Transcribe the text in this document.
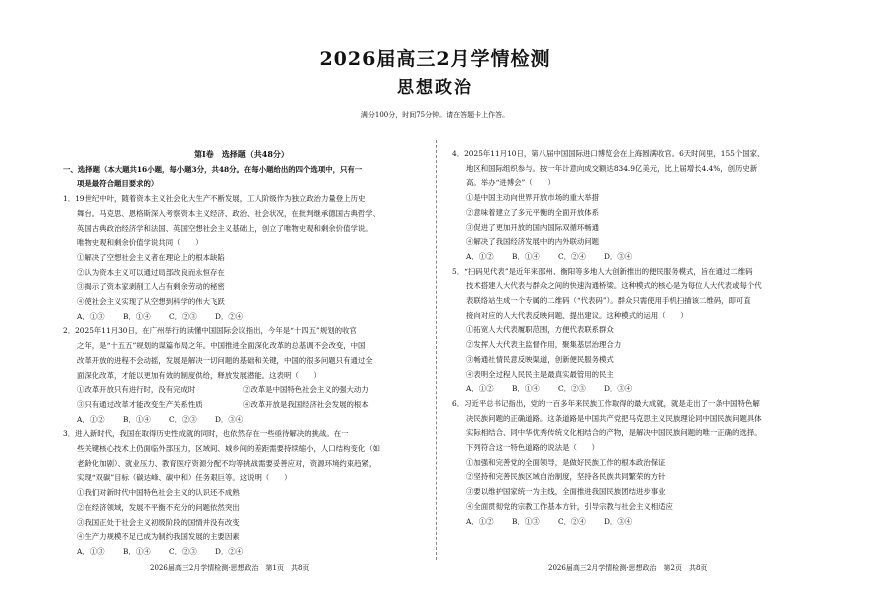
2026届高三2月学情检测
思想政治
满分100分，时间75分钟。请在答题卡上作答。
第Ⅰ卷　选择题（共48分）

一、选择题（本大题共16小题，每小题3分，共48分。在每小题给出的四个选项中，只有一

项是最符合题目要求的）

1．19世纪中叶，随着资本主义社会化大生产不断发展，工人阶级作为独立政治力量登上历史

舞台。马克思、恩格斯深入考察资本主义经济、政治、社会状况，在批判继承德国古典哲学、

英国古典政治经济学和法国、英国空想社会主义基础上，创立了唯物史观和剩余价值学说。

唯物史观和剩余价值学说共同（　　）

①解决了空想社会主义者在理论上的根本缺陷

②认为资本主义可以通过局部改良而永恒存在

③揭示了资本家剥削工人占有剩余劳动的秘密

④使社会主义实现了从空想到科学的伟大飞跃

A．①③	B．①④	C．②③	D．②④

2．2025年11月30日，在广州举行的读懂中国国际会议指出，今年是“十四五”规划的收官

之年，是“十五五”规划的谋篇布局之年。中国推进全面深化改革的总基调不会改变，中国

改革开放的进程不会动摇，发展是解决一切问题的基础和关键，中国的很多问题只有通过全

面深化改革，才能以更加有效的制度供给，释放发展潜能。这表明（　　）

①改革开放只有进行时，没有完成时	②改革是中国特色社会主义的强大动力
③只有通过改革才能改变生产关系性质	④改革开放是我国经济社会发展的根本
A．①②	B．①④	C．②③	D．③④

3．进入新时代，我国在取得历史性成就的同时，也依然存在一些亟待解决的挑战。在一

些关键核心技术上仍面临外部压力，区域间、城乡间的差距需要持续缩小，人口结构变化（如

老龄化加剧）、就业压力、教育医疗资源分配不均等挑战需要妥善应对，资源环境约束趋紧，

实现“双碳”目标（碳达峰、碳中和）任务艰巨等。这说明（　　）

①我们对新时代中国特色社会主义的认识还不成熟

②在经济领域，发展不平衡不充分的问题依然突出

③我国正处于社会主义初级阶段的国情并没有改变

④生产力规模不足已成为制约我国发展的主要因素

A．①③	B．①④	C．②③	D．②④

4．2025年11月10日，第八届中国国际进口博览会在上海圆满收官。6天时间里，155个国家、

地区和国际组织参与。按一年计意向成交额达834.9亿美元，比上届增长4.4%，创历史新

高。举办“进博会”（　　）

①是中国主动向世界开放市场的重大举措

②意味着建立了多元平衡的全面开放体系

③促进了更加开放的国内国际双循环畅通

④解决了我国经济发展中的内外联动问题

A．①②	B．①④	C．②④	D．③④

5．“扫码见代表”是近年来邵州、衡阳等多地人大创新推出的便民服务模式，旨在通过二维码

技术搭建人大代表与群众之间的快速沟通桥梁。这种模式的核心是为每位人大代表或每个代

表联络站生成一个专属的二维码（“代表码”）。群众只需使用手机扫描该二维码，即可直

接向对应的人大代表反映问题、提出建议。这种模式的运用（　　）

①拓宽人大代表履职范围，方便代表联系群众

②发挥人大代表主监督作用，聚集基层治理合力

③畅通社情民意反映渠道，创新便民服务模式

④表明全过程人民民主是最真实最管用的民主

A．①②	B．①④	C．②③	D．③④

6．习近平总书记指出，党的一百多年来民族工作取得的最大成就，就是走出了一条中国特色解

决民族问题的正确道路。这条道路是中国共产党把马克思主义民族理论同中国民族问题具体

实际相结合、同中华优秀传统文化相结合的产物，是解决中国民族问题的唯一正确的选择。

下列符合这一特色道路的说法是（　　）

①加强和完善党的全面领导，是做好民族工作的根本政治保证

②坚持和完善民族区域自治制度，坚持各民族共同繁荣的方针

③要以维护国家统一为主线，全面推进我国民族团结进步事业

④全面贯彻党的宗教工作基本方针，引导宗教与社会主义相适应

A．①②	B．①③	C．②④	D．③④
2026届高三2月学情检测·思想政治　第1页　共8页	2026届高三2月学情检测·思想政治　第2页　共8页
